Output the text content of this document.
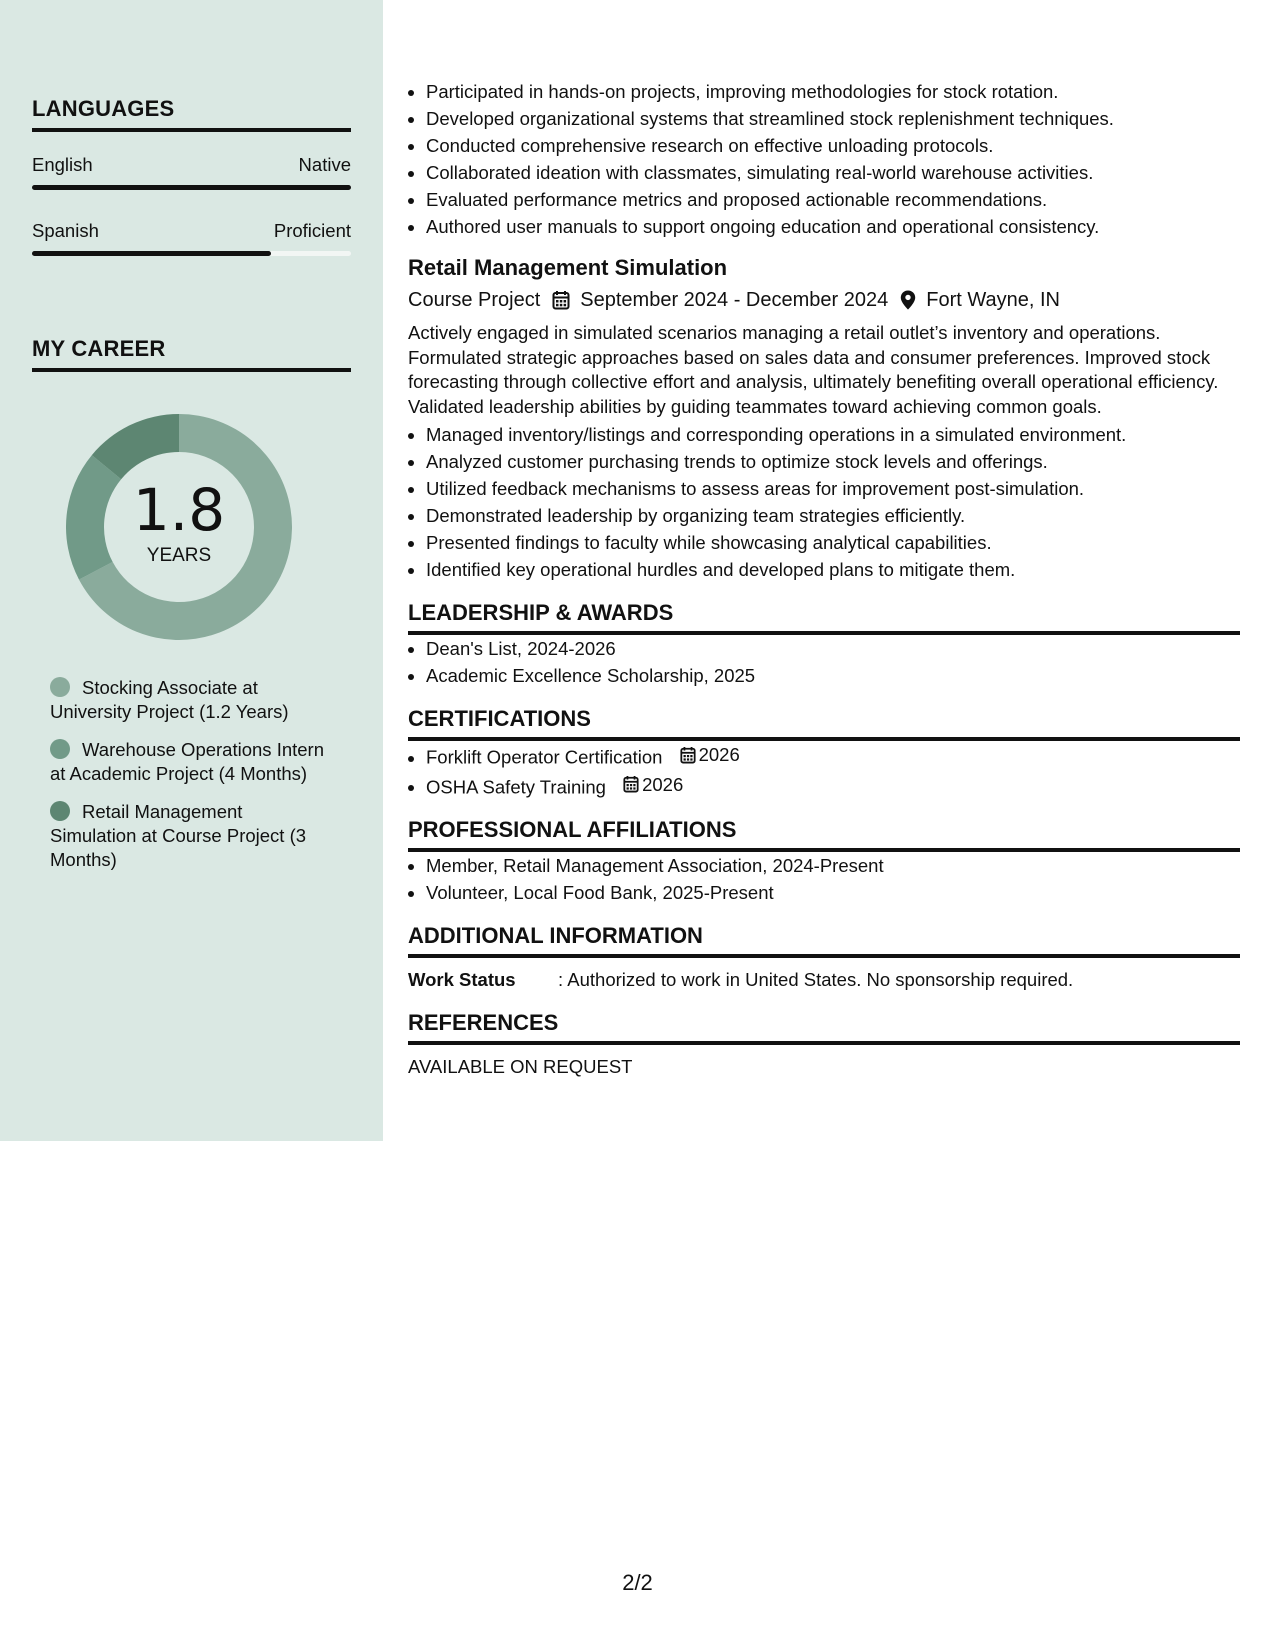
LANGUAGES
English	Native
Spanish	Proficient
MY CAREER
1.8
YEARS
Stocking Associate at University Project (1.2 Years)
Warehouse Operations Intern at Academic Project (4 Months)
Retail Management Simulation at Course Project (3 Months)
• Participated in hands-on projects, improving methodologies for stock rotation.
• Developed organizational systems that streamlined stock replenishment techniques.
• Conducted comprehensive research on effective unloading protocols.
• Collaborated ideation with classmates, simulating real-world warehouse activities.
• Evaluated performance metrics and proposed actionable recommendations.
• Authored user manuals to support ongoing education and operational consistency.
Retail Management Simulation
Course Project September 2024 - December 2024 Fort Wayne, IN
Actively engaged in simulated scenarios managing a retail outlet’s inventory and operations. Formulated strategic approaches based on sales data and consumer preferences. Improved stock forecasting through collective effort and analysis, ultimately benefiting overall operational efficiency. Validated leadership abilities by guiding teammates toward achieving common goals.
• Managed inventory/listings and corresponding operations in a simulated environment.
• Analyzed customer purchasing trends to optimize stock levels and offerings.
• Utilized feedback mechanisms to assess areas for improvement post-simulation.
• Demonstrated leadership by organizing team strategies efficiently.
• Presented findings to faculty while showcasing analytical capabilities.
• Identified key operational hurdles and developed plans to mitigate them.
LEADERSHIP & AWARDS
• Dean's List, 2024-2026
• Academic Excellence Scholarship, 2025
CERTIFICATIONS
• Forklift Operator Certification 2026
• OSHA Safety Training 2026
PROFESSIONAL AFFILIATIONS
• Member, Retail Management Association, 2024-Present
• Volunteer, Local Food Bank, 2025-Present
ADDITIONAL INFORMATION
Work Status	: Authorized to work in United States. No sponsorship required.
REFERENCES
AVAILABLE ON REQUEST
2/2
